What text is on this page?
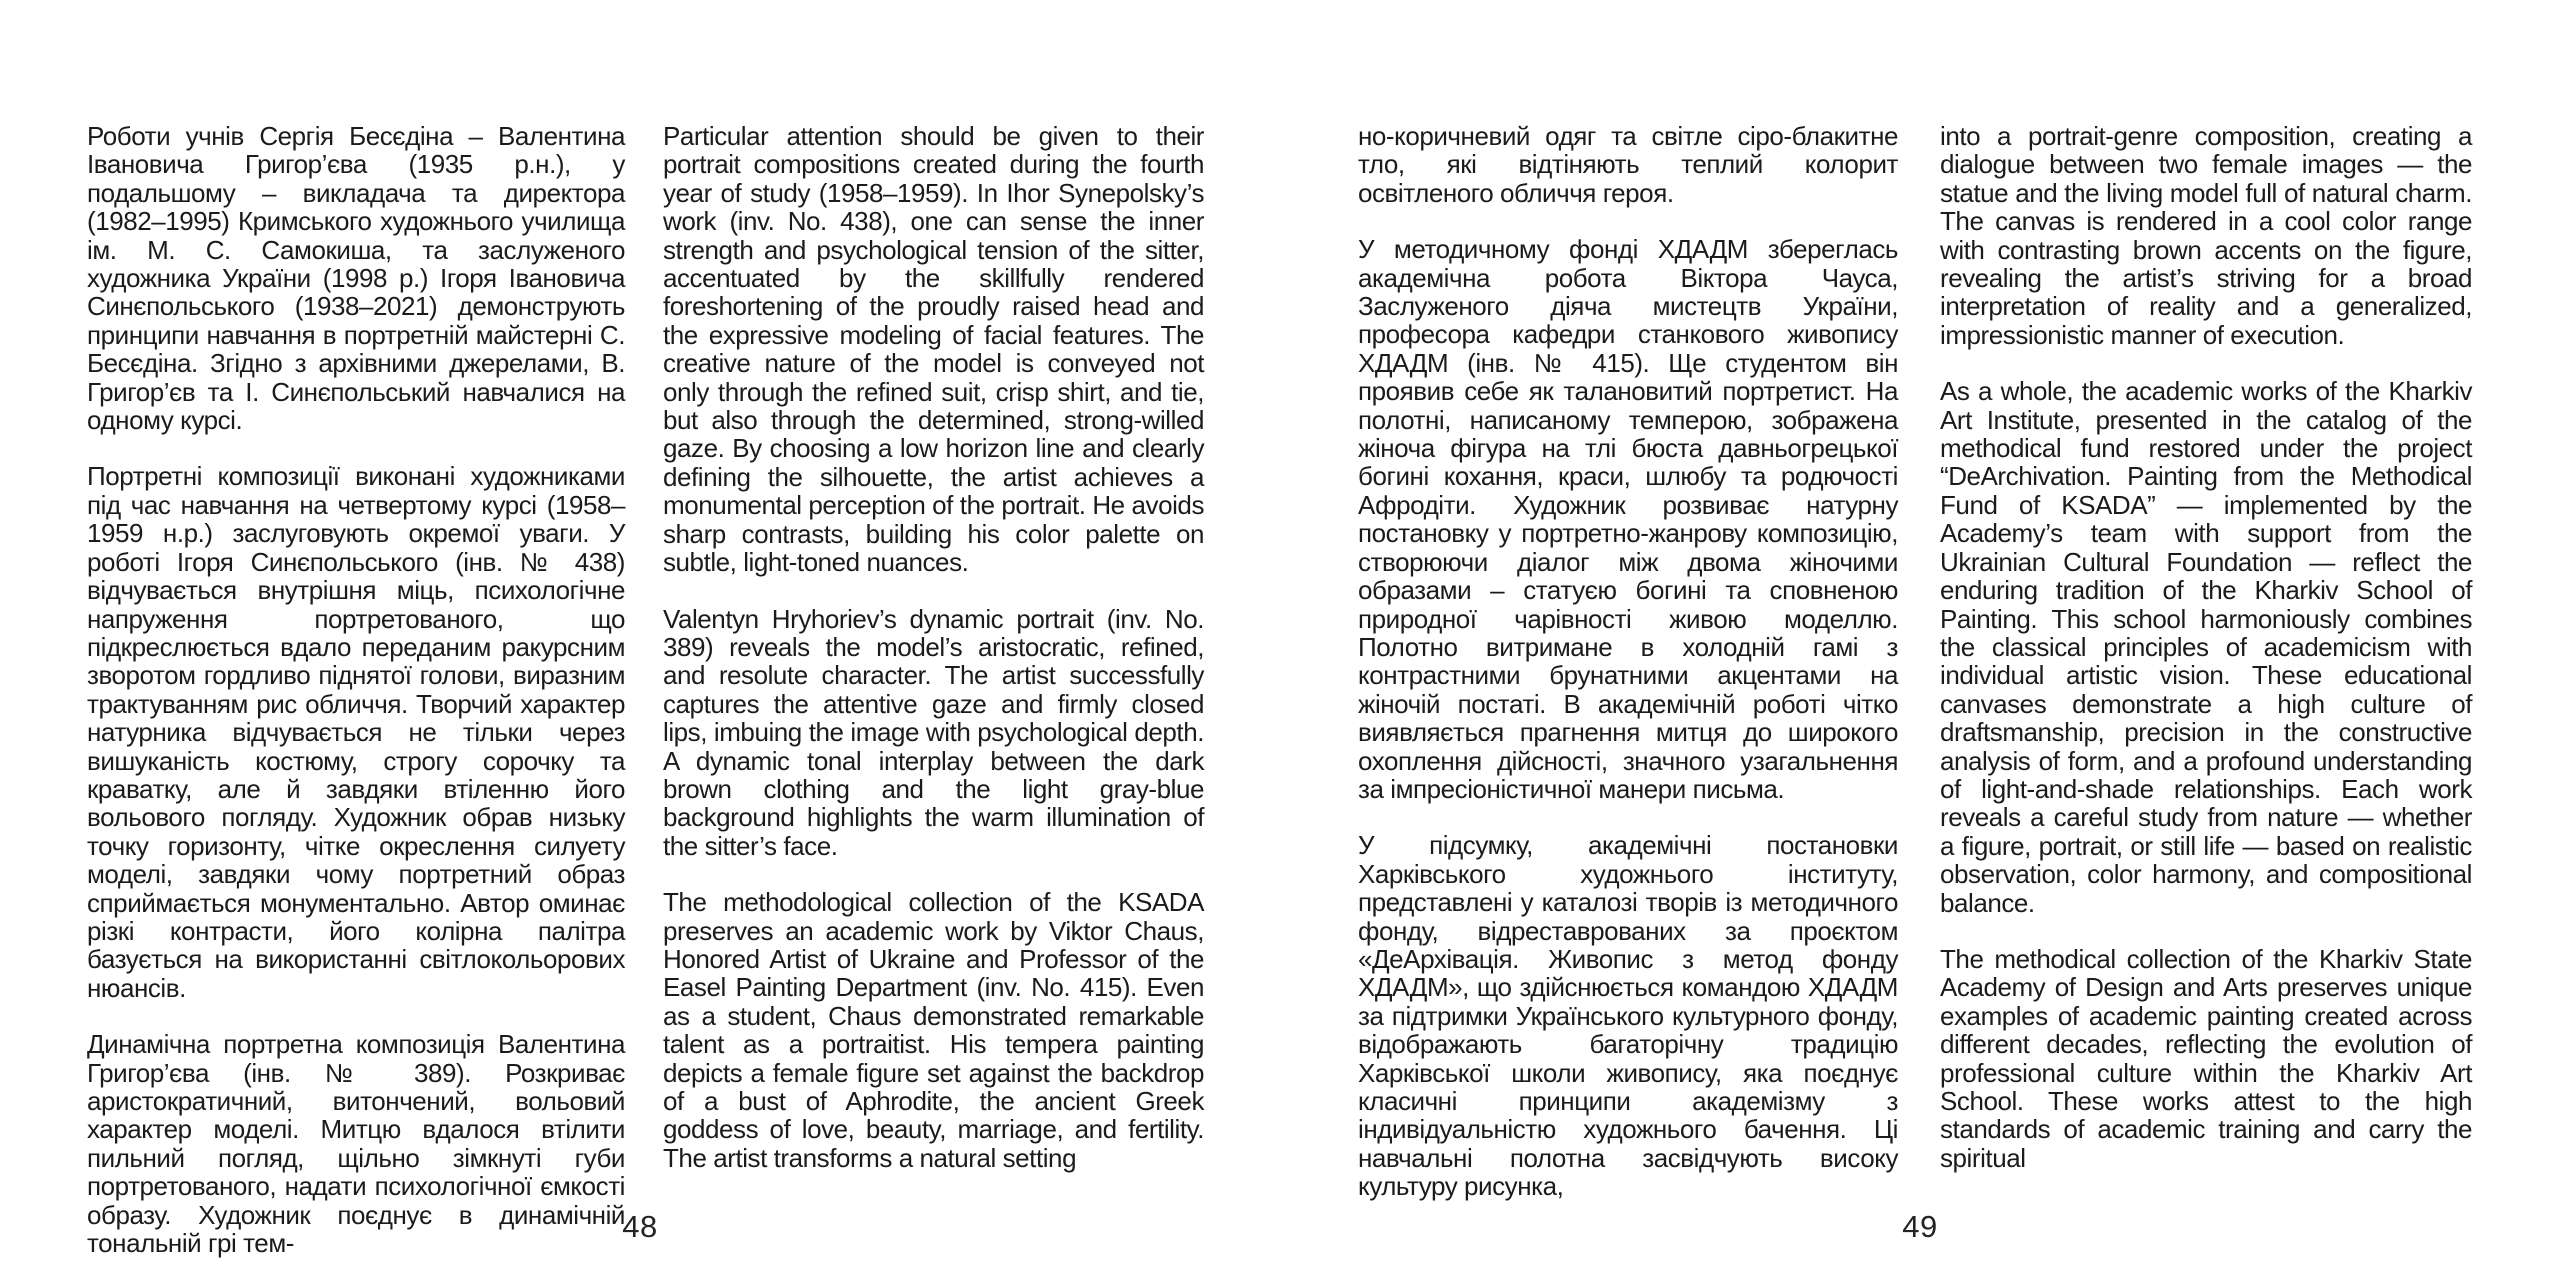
Роботи учнів Сергія Бесєдіна – Валентина Івановича Григор’єва (1935 р.н.), у подальшому – викладача та директора (1982–1995) Кримського художнього училища ім. М. С. Самокиша, та заслуженого художника України (1998 р.) Ігоря Івановича Синєпольського (1938–2021) демонструють принципи навчання в портретній майстерні С. Бесєдіна. Згідно з архівними джерелами, В. Григор’єв та І. Синєпольський навчалися на одному курсі.

Портретні композиції виконані художниками під час навчання на четвертому курсі (1958–1959 н.р.) заслуговують окремої уваги. У роботі Ігоря Синєпольського (інв. № 438) відчувається внутрішня міць, психологічне напруження портретованого, що підкреслюється вдало переданим ракурсним зворотом гордливо піднятої голови, виразним трактуванням рис обличчя. Творчий характер натурника відчувається не тільки через вишуканість костюму, строгу сорочку та краватку, але й завдяки втіленню його вольового погляду. Художник обрав низьку точку горизонту, чітке окреслення силуету моделі, завдяки чому портретний образ сприймається монументально. Автор оминає різкі контрасти, його колірна палітра базується на використанні світлокольорових нюансів.

Динамічна портретна композиція Валентина Григор’єва (інв. № 389). Розкриває аристократичний, витончений, вольовий характер моделі. Митцю вдалося втілити пильний погляд, щільно зімкнуті губи портретованого, надати психологічної ємкості образу. Художник поєднує в динамічній тональній грі тем-

Particular attention should be given to their portrait compositions created during the fourth year of study (1958–1959). In Ihor Synepolsky’s work (inv. No. 438), one can sense the inner strength and psychological tension of the sitter, accentuated by the skillfully rendered foreshortening of the proudly raised head and the expressive modeling of facial features. The creative nature of the model is conveyed not only through the refined suit, crisp shirt, and tie, but also through the determined, strong-willed gaze. By choosing a low horizon line and clearly defining the silhouette, the artist achieves a monumental perception of the portrait. He avoids sharp contrasts, building his color palette on subtle, light-toned nuances.

Valentyn Hryhoriev’s dynamic portrait (inv. No. 389) reveals the model’s aristocratic, refined, and resolute character. The artist successfully captures the attentive gaze and firmly closed lips, imbuing the image with psychological depth. A dynamic tonal interplay between the dark brown clothing and the light gray-blue background highlights the warm illumination of the sitter’s face.

The methodological collection of the KSADA preserves an academic work by Viktor Chaus, Honored Artist of Ukraine and Professor of the Easel Painting Department (inv. No. 415). Even as a student, Chaus demonstrated remarkable talent as a portraitist. His tempera painting depicts a female figure set against the backdrop of a bust of Aphrodite, the ancient Greek goddess of love, beauty, marriage, and fertility. The artist transforms a natural setting

48

но-коричневий одяг та світле сіро-блакитне тло, які відтіняють теплий колорит освітленого обличчя героя.

У методичному фонді ХДАДМ збереглась академічна робота Віктора Чауса, Заслуженого діяча мистецтв України, професора кафедри станкового живопису ХДАДМ (інв. № 415). Ще студентом він проявив себе як талановитий портретист. На полотні, написаному темперою, зображена жіноча фігура на тлі бюста давньогрецької богині кохання, краси, шлюбу та родючості Афродіти. Художник розвиває натурну постановку у портретно-жанрову композицію, створюючи діалог між двома жіночими образами – статуєю богині та сповненою природної чарівності живою моделлю. Полотно витримане в холодній гамі з контрастними брунатними акцентами на жіночій постаті. В академічній роботі чітко виявляється прагнення митця до широкого охоплення дійсності, значного узагальнення за імпресіоністичної манери письма.

У підсумку, академічні постановки Харківського художнього інституту, представлені у каталозі творів із методичного фонду, відреставрованих за проєктом «ДеАрхівація. Живопис з метод фонду ХДАДМ», що здійснюється командою ХДАДМ за підтримки Українського культурного фонду, відображають багаторічну традицію Харківської школи живопису, яка поєднує класичні принципи академізму з індивідуальністю художнього бачення. Ці навчальні полотна засвідчують високу культуру рисунка,

into a portrait-genre composition, creating a dialogue between two female images — the statue and the living model full of natural charm. The canvas is rendered in a cool color range with contrasting brown accents on the figure, revealing the artist’s striving for a broad interpretation of reality and a generalized, impressionistic manner of execution.

As a whole, the academic works of the Kharkiv Art Institute, presented in the catalog of the methodical fund restored under the project “DeArchivation. Painting from the Methodical Fund of KSADA” — implemented by the Academy’s team with support from the Ukrainian Cultural Foundation — reflect the enduring tradition of the Kharkiv School of Painting. This school harmoniously combines the classical principles of academicism with individual artistic vision. These educational canvases demonstrate a high culture of draftsmanship, precision in the constructive analysis of form, and a profound understanding of light-and-shade relationships. Each work reveals a careful study from nature — whether a figure, portrait, or still life — based on realistic observation, color harmony, and compositional balance.

The methodical collection of the Kharkiv State Academy of Design and Arts preserves unique examples of academic painting created across different decades, reflecting the evolution of professional culture within the Kharkiv Art School. These works attest to the high standards of academic training and carry the spiritual

49
